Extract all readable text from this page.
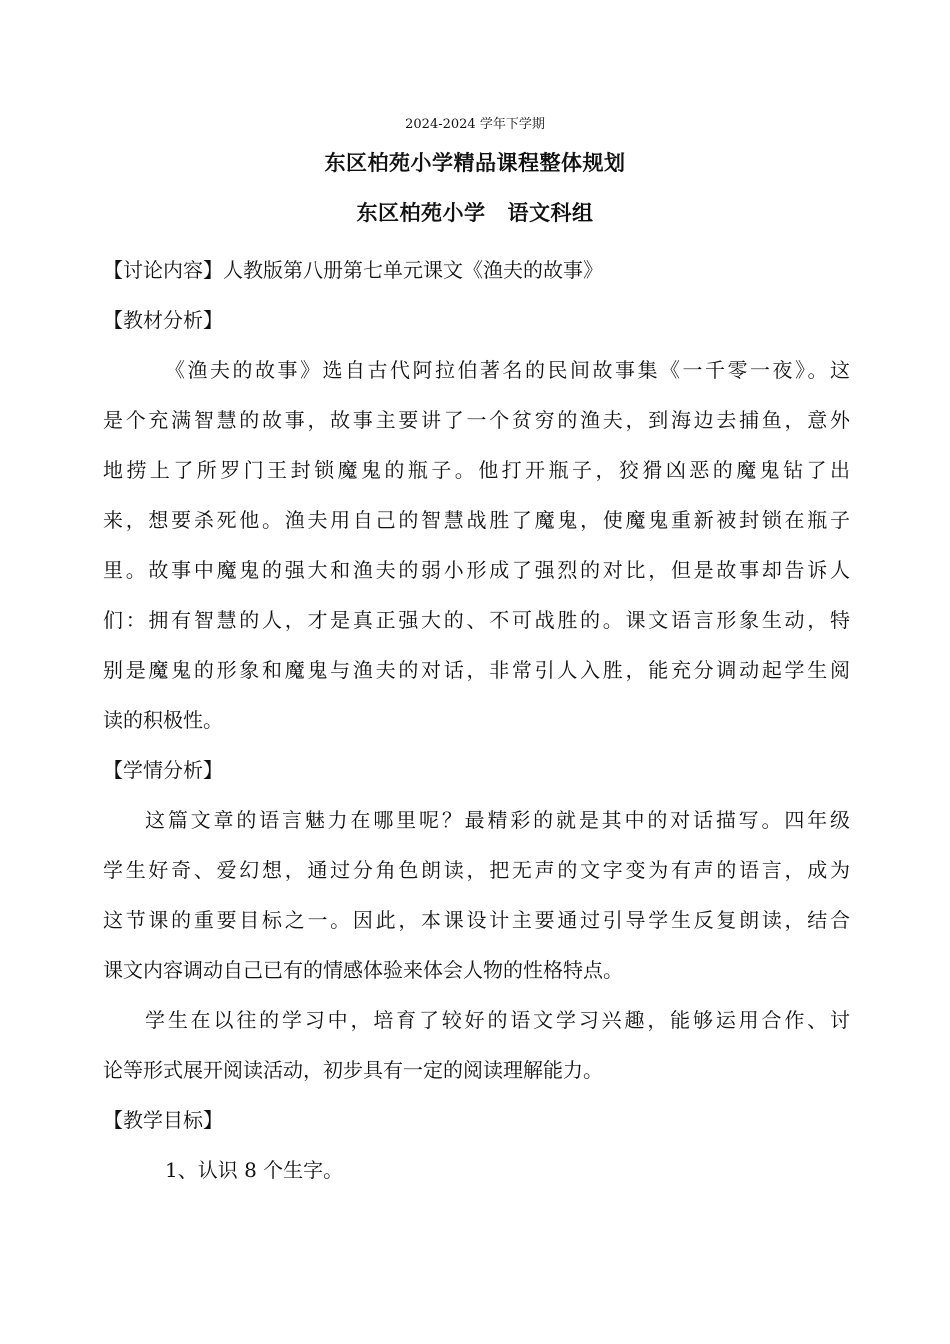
2024-2024 学年下学期
东区柏苑小学精品课程整体规划
东区柏苑小学 语文科组
【讨论内容】人教版第八册第七单元课文《渔夫的故事》
【教材分析】
《渔夫的故事》选自古代阿拉伯著名的民间故事集《一千零一夜》。这
是个充满智慧的故事，故事主要讲了一个贫穷的渔夫，到海边去捕鱼，意外
地捞上了所罗门王封锁魔鬼的瓶子。他打开瓶子，狡猾凶恶的魔鬼钻了出
来，想要杀死他。渔夫用自己的智慧战胜了魔鬼，使魔鬼重新被封锁在瓶子
里。故事中魔鬼的强大和渔夫的弱小形成了强烈的对比，但是故事却告诉人
们：拥有智慧的人，才是真正强大的、不可战胜的。课文语言形象生动，特
别是魔鬼的形象和魔鬼与渔夫的对话，非常引人入胜，能充分调动起学生阅
读的积极性。
【学情分析】
这篇文章的语言魅力在哪里呢？最精彩的就是其中的对话描写。四年级
学生好奇、爱幻想，通过分角色朗读，把无声的文字变为有声的语言，成为
这节课的重要目标之一。因此，本课设计主要通过引导学生反复朗读，结合
课文内容调动自己已有的情感体验来体会人物的性格特点。
学生在以往的学习中，培育了较好的语文学习兴趣，能够运用合作、讨
论等形式展开阅读活动，初步具有一定的阅读理解能力。
【教学目标】
1、认识 8 个生字。
